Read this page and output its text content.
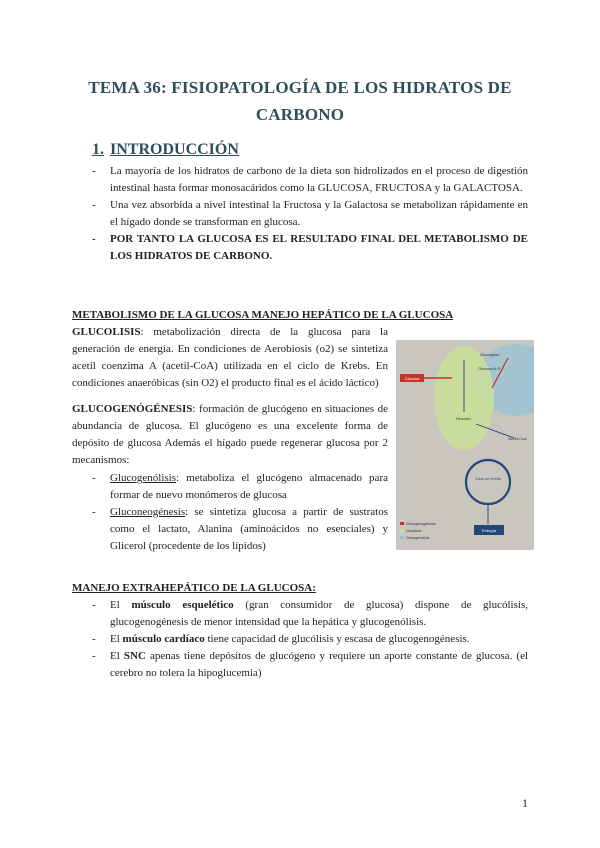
TEMA 36: FISIOPATOLOGÍA DE LOS HIDRATOS DE
CARBONO
1. INTRODUCCIÓN
- La mayoría de los hidratos de carbono de la dieta son hidrolizados en el proceso de digestión intestinal hasta formar monosacáridos como la GLUCOSA, FRUCTOSA y la GALACTOSA.
- Una vez absorbida a nivel intestinal la Fructosa y la Galactosa se metabolizan rápidamente en el hígado donde se transforman en glucosa.
- POR TANTO LA GLUCOSA ES EL RESULTADO FINAL DEL METABOLISMO DE LOS HIDRATOS DE CARBONO.
METABOLISMO DE LA GLUCOSA MANEJO HEPÁTICO DE LA GLUCOSA
GLUCOLISIS: metabolización directa de la glucosa para la generación de energía. En condiciones de Aerobiosis (o2) se sintetiza acetil coenzima A (acetil-CoA) utilizada en el ciclo de Krebs. En condiciones anaeróbicas (sin O2) el producto final es el ácido láctico)
GLUCOGENÓGÉNESIS: formación de glucógeno en situaciones de abundancia de glucosa. El glucógeno es una excelente forma de depósito de glucosa Además el hígado puede regenerar glucosa por 2 mecanismos:
- Glucogenólisis: metaboliza el glucógeno almacenado para formar de nuevo monómeros de glucosa
- Gluconeogénesis: se sintetiza glucosa a partir de sustratos como el lactato, Alanina (aminoácidos no esenciales) y Glicerol (procedente de los lípidos)
Glucosa
Glucógeno
Glucosa-6-P
Piruvato
Acetil-CoA
Ciclo de Krebs
Energía
Glucogenogénesis
Glucólisis
Glucogenólisis
MANEJO EXTRAHEPÁTICO DE LA GLUCOSA:
- El músculo esquelético (gran consumidor de glucosa) dispone de glucólisis, glucogenogénesis de menor intensidad que la hepática y glucogenólisis.
- El músculo cardíaco tiene capacidad de glucólisis y escasa de glucogenogénesis.
- El SNC apenas tiene depósitos de glucógeno y requiere un aporte constante de glucosa. (el cerebro no tolera la hipoglucemia)
1
